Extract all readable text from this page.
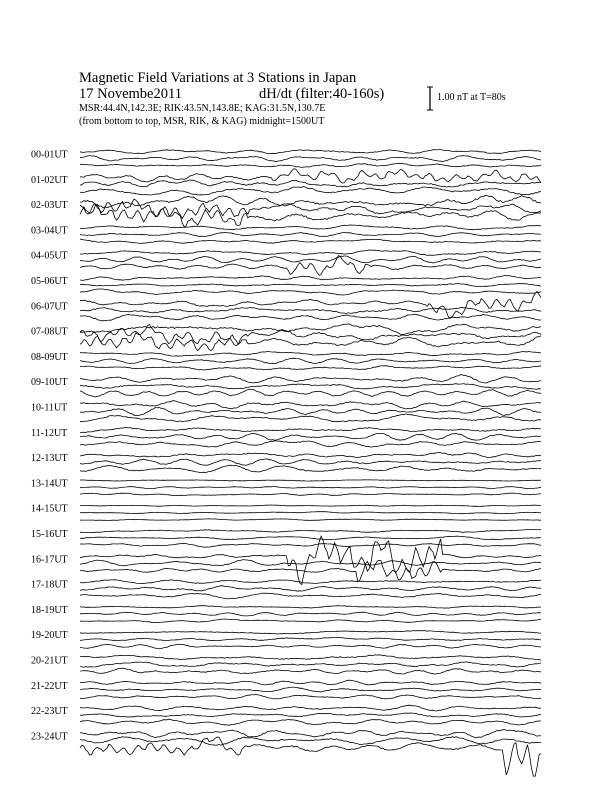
Magnetic Field Variations at 3 Stations in Japan
17 Novembe2011	dH/dt (filter:40-160s)
MSR:44.4N,142.3E; RIK:43.5N,143.8E; KAG:31.5N,130.7E
(from bottom to top, MSR, RIK, & KAG) midnight=1500UT
1.00 nT at T=80s
00-01UT
01-02UT
02-03UT
03-04UT
04-05UT
05-06UT
06-07UT
07-08UT
08-09UT
09-10UT
10-11UT
11-12UT
12-13UT
13-14UT
14-15UT
15-16UT
16-17UT
17-18UT
18-19UT
19-20UT
20-21UT
21-22UT
22-23UT
23-24UT
